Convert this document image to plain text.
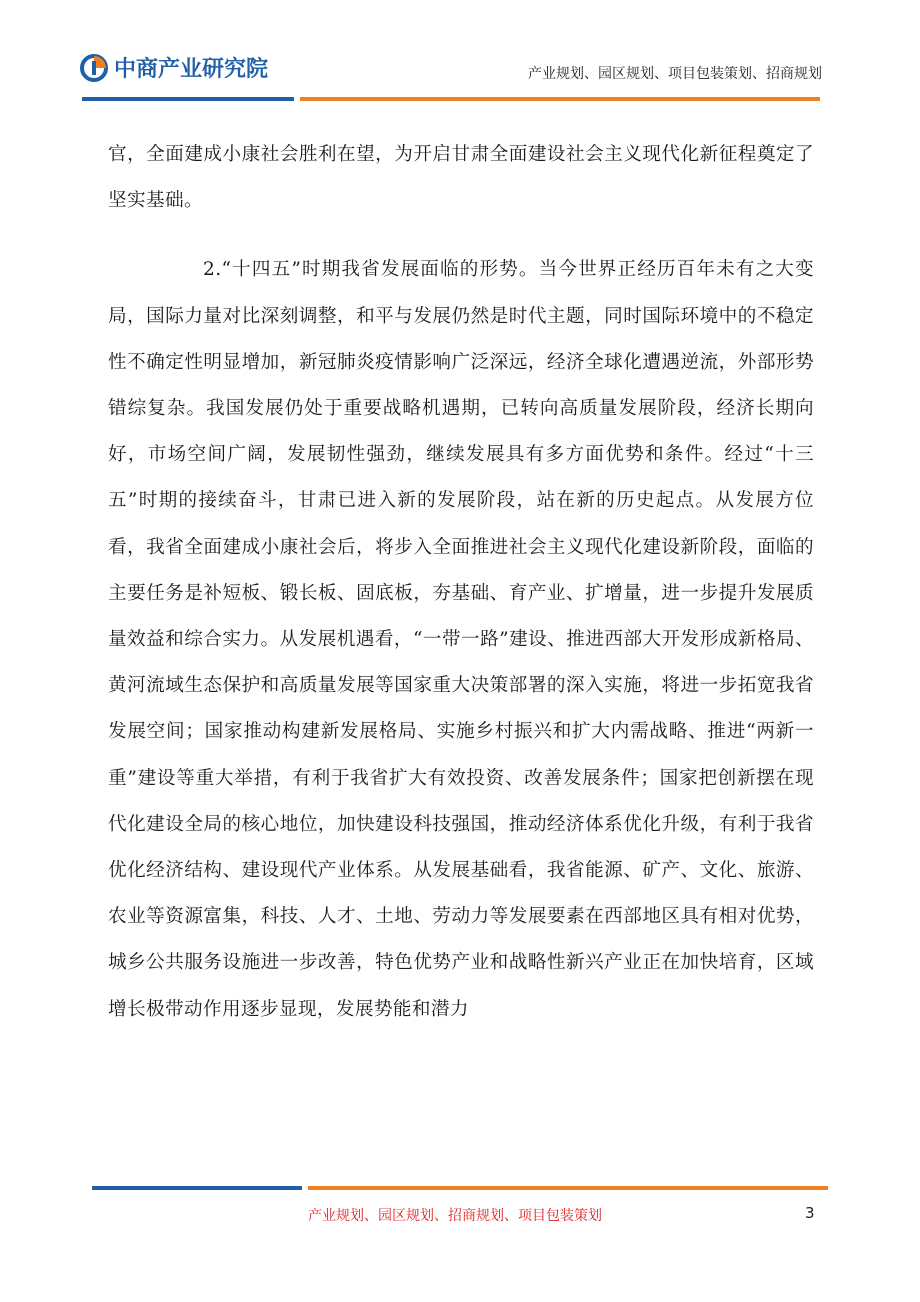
中商产业研究院	产业规划、园区规划、项目包装策划、招商规划

官，全面建成小康社会胜利在望，为开启甘肃全面建设社会主义现代化新征程奠定了坚实基础。

2.“十四五”时期我省发展面临的形势。当今世界正经历百年未有之大变局，国际力量对比深刻调整，和平与发展仍然是时代主题，同时国际环境中的不稳定性不确定性明显增加，新冠肺炎疫情影响广泛深远，经济全球化遭遇逆流，外部形势错综复杂。我国发展仍处于重要战略机遇期，已转向高质量发展阶段，经济长期向好，市场空间广阔，发展韧性强劲，继续发展具有多方面优势和条件。经过“十三五”时期的接续奋斗，甘肃已进入新的发展阶段，站在新的历史起点。从发展方位看，我省全面建成小康社会后，将步入全面推进社会主义现代化建设新阶段，面临的主要任务是补短板、锻长板、固底板，夯基础、育产业、扩增量，进一步提升发展质量效益和综合实力。从发展机遇看，“一带一路”建设、推进西部大开发形成新格局、黄河流域生态保护和高质量发展等国家重大决策部署的深入实施，将进一步拓宽我省发展空间；国家推动构建新发展格局、实施乡村振兴和扩大内需战略、推进“两新一重”建设等重大举措，有利于我省扩大有效投资、改善发展条件；国家把创新摆在现代化建设全局的核心地位，加快建设科技强国，推动经济体系优化升级，有利于我省优化经济结构、建设现代产业体系。从发展基础看，我省能源、矿产、文化、旅游、农业等资源富集，科技、人才、土地、劳动力等发展要素在西部地区具有相对优势，城乡公共服务设施进一步改善，特色优势产业和战略性新兴产业正在加快培育，区域增长极带动作用逐步显现，发展势能和潜力

产业规划、园区规划、招商规划、项目包装策划	3
